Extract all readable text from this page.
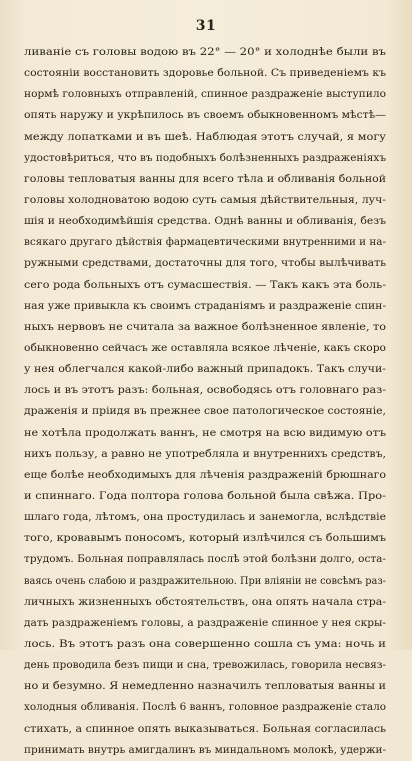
31
ливаніе съ головы водою въ 22° — 20° и холоднѣе были въ
состояніи восстановить здоровье больной. Съ приведеніемъ къ
нормѣ головныхъ отправленій, спинное раздраженіе выступило
опять наружу и укрѣпилось въ своемъ обыкновенномъ мѣстѣ—
между лопатками и въ шеѣ. Наблюдая этотъ случай, я могу
удостовѣриться, что въ подобныхъ болѣзненныхъ раздраженіяхъ
головы тепловатыя ванны для всего тѣла и обливанія больной
головы холодноватою водою суть самыя дѣйствительныя, луч-
шія и необходимѣйшія средства. Однѣ ванны и обливанія, безъ
всякаго другаго дѣйствія фармацевтическими внутренними и на-
ружными средствами, достаточны для того, чтобы вылѣчивать
сего рода больныхъ отъ сумасшествія. — Такъ какъ эта боль-
ная уже привыкла къ своимъ страданіямъ и раздраженіе спин-
ныхъ нервовъ не считала за важное болѣзненное явленіе, то
обыкновенно сейчасъ же оставляла всякое лѣченіе, какъ скоро
у нея облегчался какой-либо важный припадокъ. Такъ случи-
лось и въ этотъ разъ: больная, освободясь отъ головнаго раз-
драженія и пріидя въ прежнее свое патологическое состояніе,
не хотѣла продолжать ваннъ, не смотря на всю видимую отъ
нихъ пользу, а равно не употребляла и внутреннихъ средствъ,
еще болѣе необходимыхъ для лѣченія раздраженій брюшнаго
и спиннаго. Года полтора голова больной была свѣжа. Про-
шлаго года, лѣтомъ, она простудилась и занемогла, вслѣдствіе
того, кровавымъ поносомъ, который излѣчился съ большимъ
трудомъ. Больная поправлялась послѣ этой болѣзни долго, оста-
ваясь очень слабою и раздражительною. При вліяніи не совсѣмъ раз-
личныхъ жизненныхъ обстоятельствъ, она опять начала стра-
дать раздраженіемъ головы, а раздраженіе спинное у нея скры-
лось. Въ этотъ разъ она совершенно сошла съ ума: ночь и
день проводила безъ пищи и сна, тревожилась, говорила несвяз-
но и безумно. Я немедленно назначилъ тепловатыя ванны и
холодныя обливанія. Послѣ 6 ваннъ, головное раздраженіе стало
стихать, а спинное опять выказываться. Больная согласилась
принимать внутрь амигдалинъ въ миндальномъ молокѣ, удержи-
